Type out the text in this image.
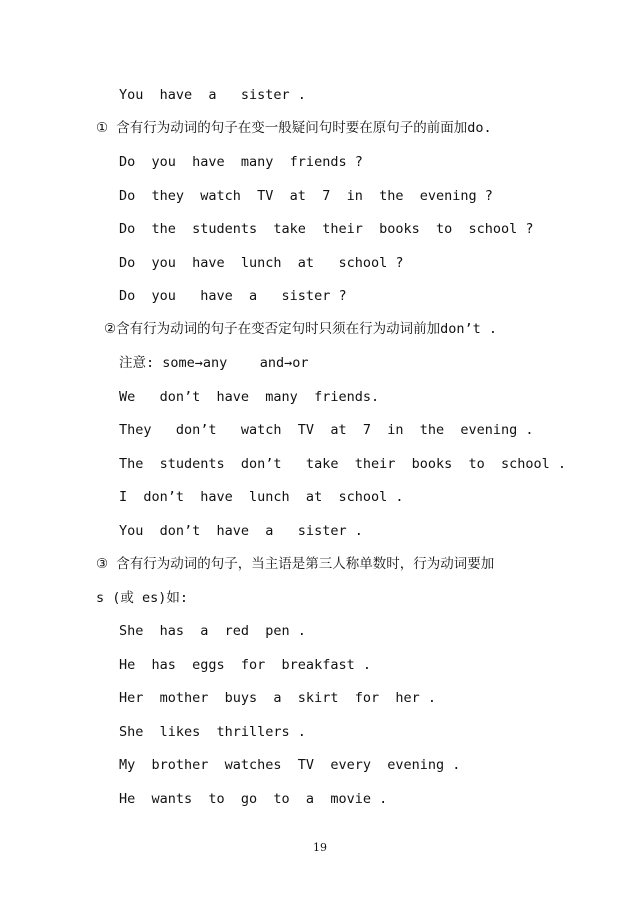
You  have  a   sister .
① 含有行为动词的句子在变一般疑问句时要在原句子的前面加do.
Do  you  have  many  friends ?
Do  they  watch  TV  at  7  in  the  evening ?
Do  the  students  take  their  books  to  school ?
Do  you  have  lunch  at   school ?
Do  you   have  a   sister ?
②含有行为动词的句子在变否定句时只须在行为动词前加don’t .
注意: some→any    and→or
We   don’t  have  many  friends.
They   don’t   watch  TV  at  7  in  the  evening .
The  students  don’t   take  their  books  to  school .
I  don’t  have  lunch  at  school .
You  don’t  have  a   sister .
③ 含有行为动词的句子，当主语是第三人称单数时，行为动词要加
s (或 es)如:
She  has  a  red  pen .
He  has  eggs  for  breakfast .
Her  mother  buys  a  skirt  for  her .
She  likes  thrillers .
My  brother  watches  TV  every  evening .
He  wants  to  go  to  a  movie .
19
